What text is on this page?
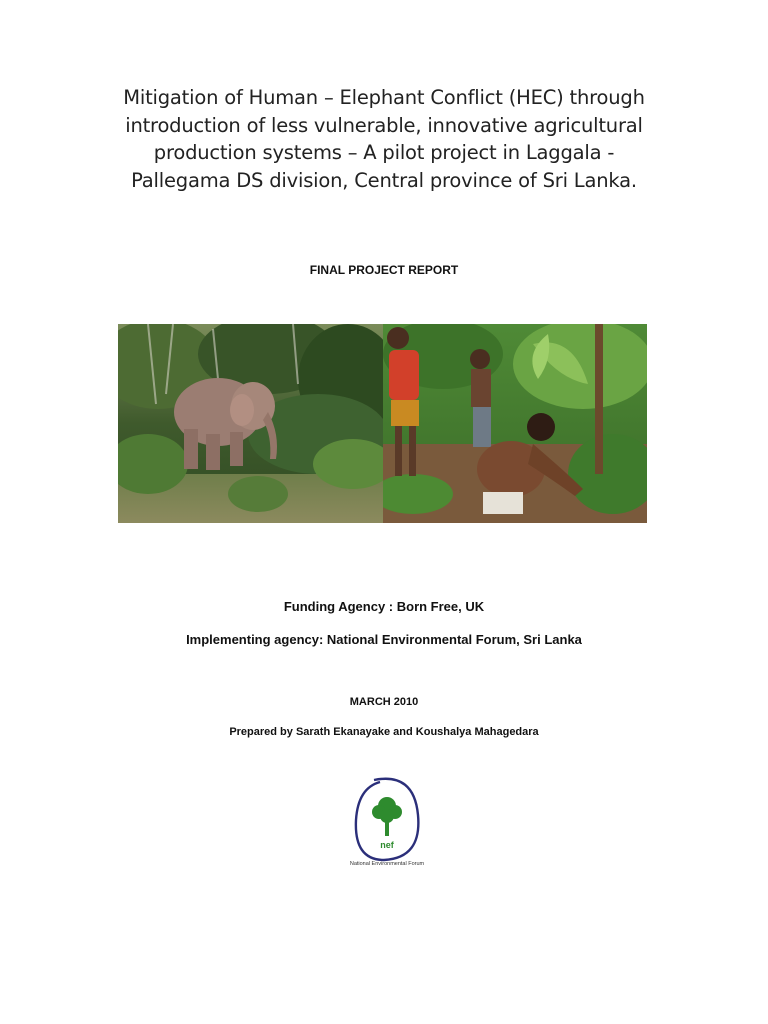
Mitigation of Human – Elephant Conflict (HEC) through
introduction of less vulnerable, innovative agricultural
production systems – A pilot project in Laggala -
Pallegama DS division, Central province of Sri Lanka.
FINAL PROJECT REPORT
Funding Agency : Born Free, UK
Implementing agency: National Environmental Forum, Sri Lanka
MARCH 2010
Prepared by Sarath Ekanayake and Koushalya Mahagedara
nef
National Environmental Forum
